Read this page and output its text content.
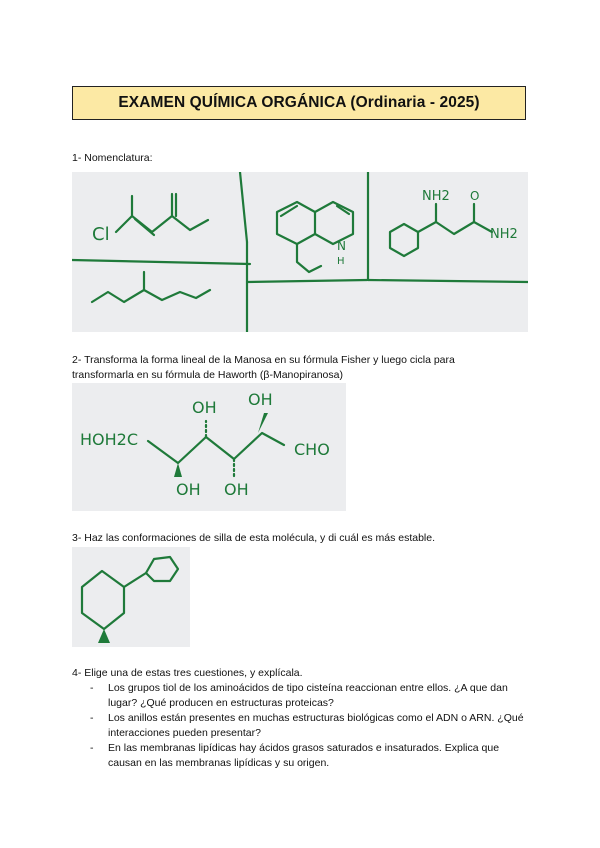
EXAMEN QUÍMICA ORGÁNICA (Ordinaria - 2025)
1- Nomenclatura:
Cl
N
H
NH2 O
NH2
2- Transforma la forma lineal de la Manosa en su fórmula Fisher y luego cicla para transformarla en su fórmula de Haworth (β-Manopiranosa)
HOH2C
OH OH
OH OH
CHO
3- Haz las conformaciones de silla de esta molécula, y di cuál es más estable.
4- Elige una de estas tres cuestiones, y explícala.
- Los grupos tiol de los aminoácidos de tipo cisteína reaccionan entre ellos. ¿A que dan lugar? ¿Qué producen en estructuras proteicas?
- Los anillos están presentes en muchas estructuras biológicas como el ADN o ARN. ¿Qué interacciones pueden presentar?
- En las membranas lipídicas hay ácidos grasos saturados e insaturados. Explica que causan en las membranas lipídicas y su origen.
